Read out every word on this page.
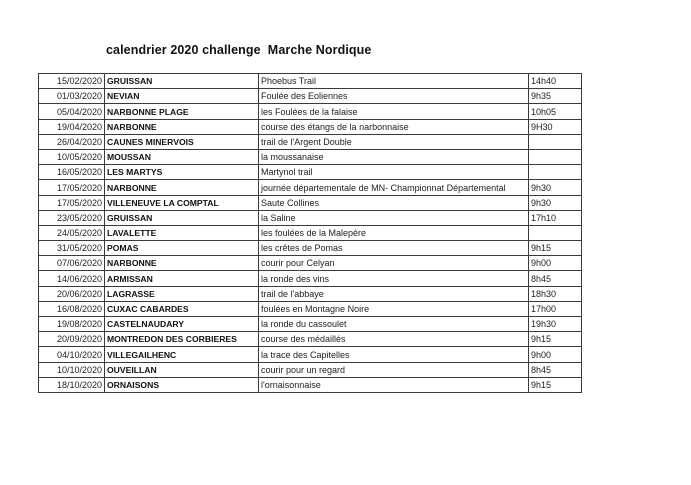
calendrier 2020 challenge  Marche Nordique
15/02/2020	GRUISSAN	Phoebus Trail	14h40
01/03/2020	NEVIAN	Foulée des Eoliennes	9h35
05/04/2020	NARBONNE PLAGE	les Foulées de la falaise	10h05
19/04/2020	NARBONNE	course des étangs de la narbonnaise	9H30
26/04/2020	CAUNES MINERVOIS	trail de l'Argent Double	
10/05/2020	MOUSSAN	la moussanaise	
16/05/2020	LES MARTYS	Martynol trail	
17/05/2020	NARBONNE	journée départementale de MN- Championnat Départemental	9h30
17/05/2020	VILLENEUVE LA COMPTAL	Saute Collines	9h30
23/05/2020	GRUISSAN	la Saline	17h10
24/05/2020	LAVALETTE	les foulées de la Malepère	
31/05/2020	POMAS	les crêtes de Pomas	9h15
07/06/2020	NARBONNE	courir pour Celyan	9h00
14/06/2020	ARMISSAN	la ronde des vins	8h45
20/06/2020	LAGRASSE	trail de l'abbaye	18h30
16/08/2020	CUXAC CABARDES	foulées en Montagne Noire	17h00
19/08/2020	CASTELNAUDARY	la ronde du cassoulet	19h30
20/09/2020	MONTREDON DES CORBIERES	course des médaillés	9h15
04/10/2020	VILLEGAILHENC	la trace des Capitelles	9h00
10/10/2020	OUVEILLAN	courir pour un regard	8h45
18/10/2020	ORNAISONS	l'ornaisonnaise	9h15
